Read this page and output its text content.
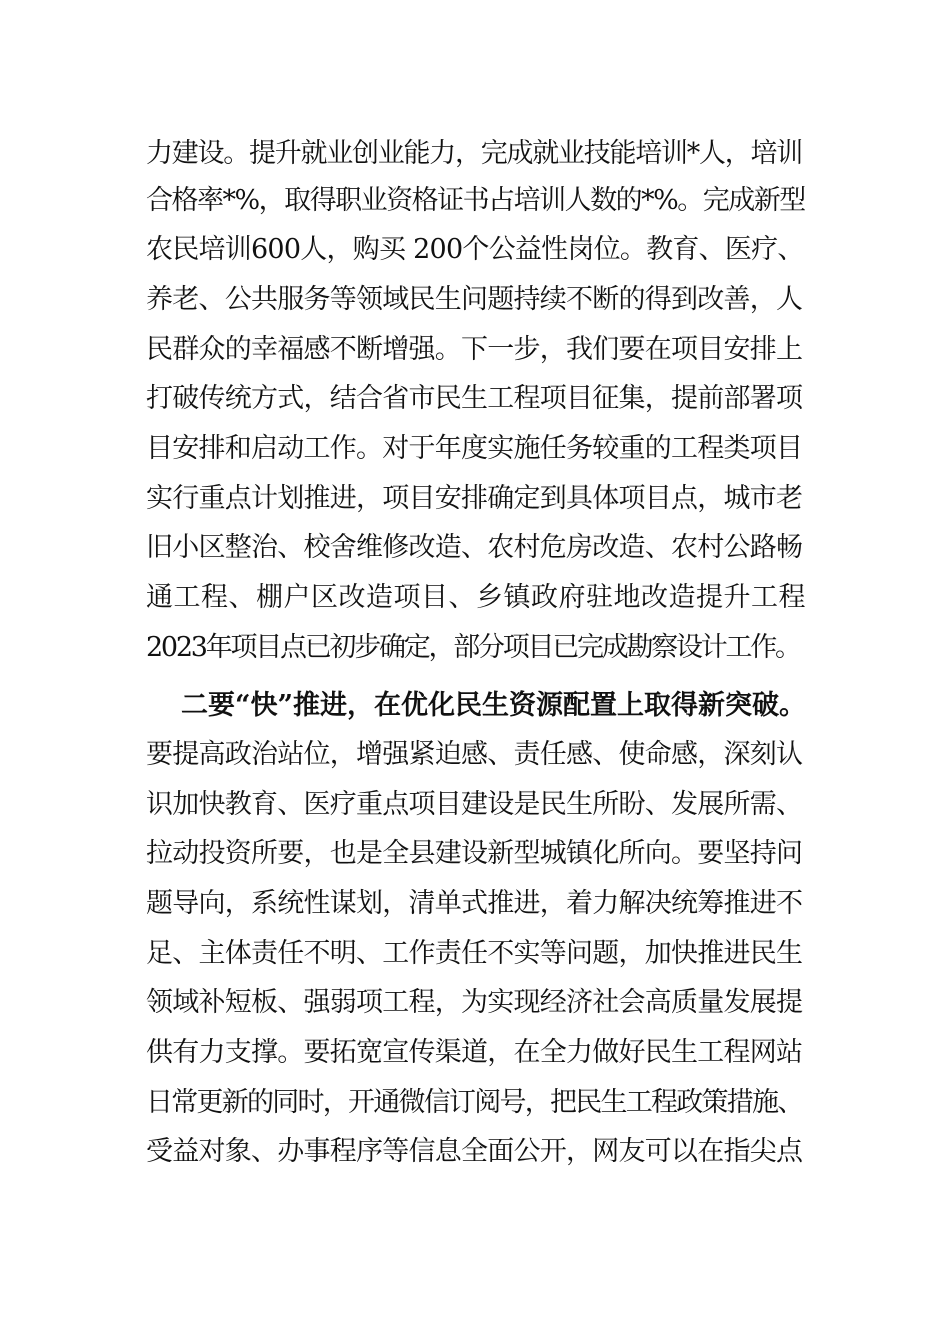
力建设。提升就业创业能力，完成就业技能培训*人，培训
合格率*%，取得职业资格证书占培训人数的*%。完成新型
农民培训600人，购买 200个公益性岗位。教育、医疗、
养老、公共服务等领域民生问题持续不断的得到改善，人
民群众的幸福感不断增强。下一步，我们要在项目安排上
打破传统方式，结合省市民生工程项目征集，提前部署项
目安排和启动工作。对于年度实施任务较重的工程类项目
实行重点计划推进，项目安排确定到具体项目点，城市老
旧小区整治、校舍维修改造、农村危房改造、农村公路畅
通工程、棚户区改造项目、乡镇政府驻地改造提升工程
2023年项目点已初步确定，部分项目已完成勘察设计工作。
二要“快”推进，在优化民生资源配置上取得新突破。
要提高政治站位，增强紧迫感、责任感、使命感，深刻认
识加快教育、医疗重点项目建设是民生所盼、发展所需、
拉动投资所要，也是全县建设新型城镇化所向。要坚持问
题导向，系统性谋划，清单式推进，着力解决统筹推进不
足、主体责任不明、工作责任不实等问题，加快推进民生
领域补短板、强弱项工程，为实现经济社会高质量发展提
供有力支撑。要拓宽宣传渠道，在全力做好民生工程网站
日常更新的同时，开通微信订阅号，把民生工程政策措施、
受益对象、办事程序等信息全面公开，网友可以在指尖点
